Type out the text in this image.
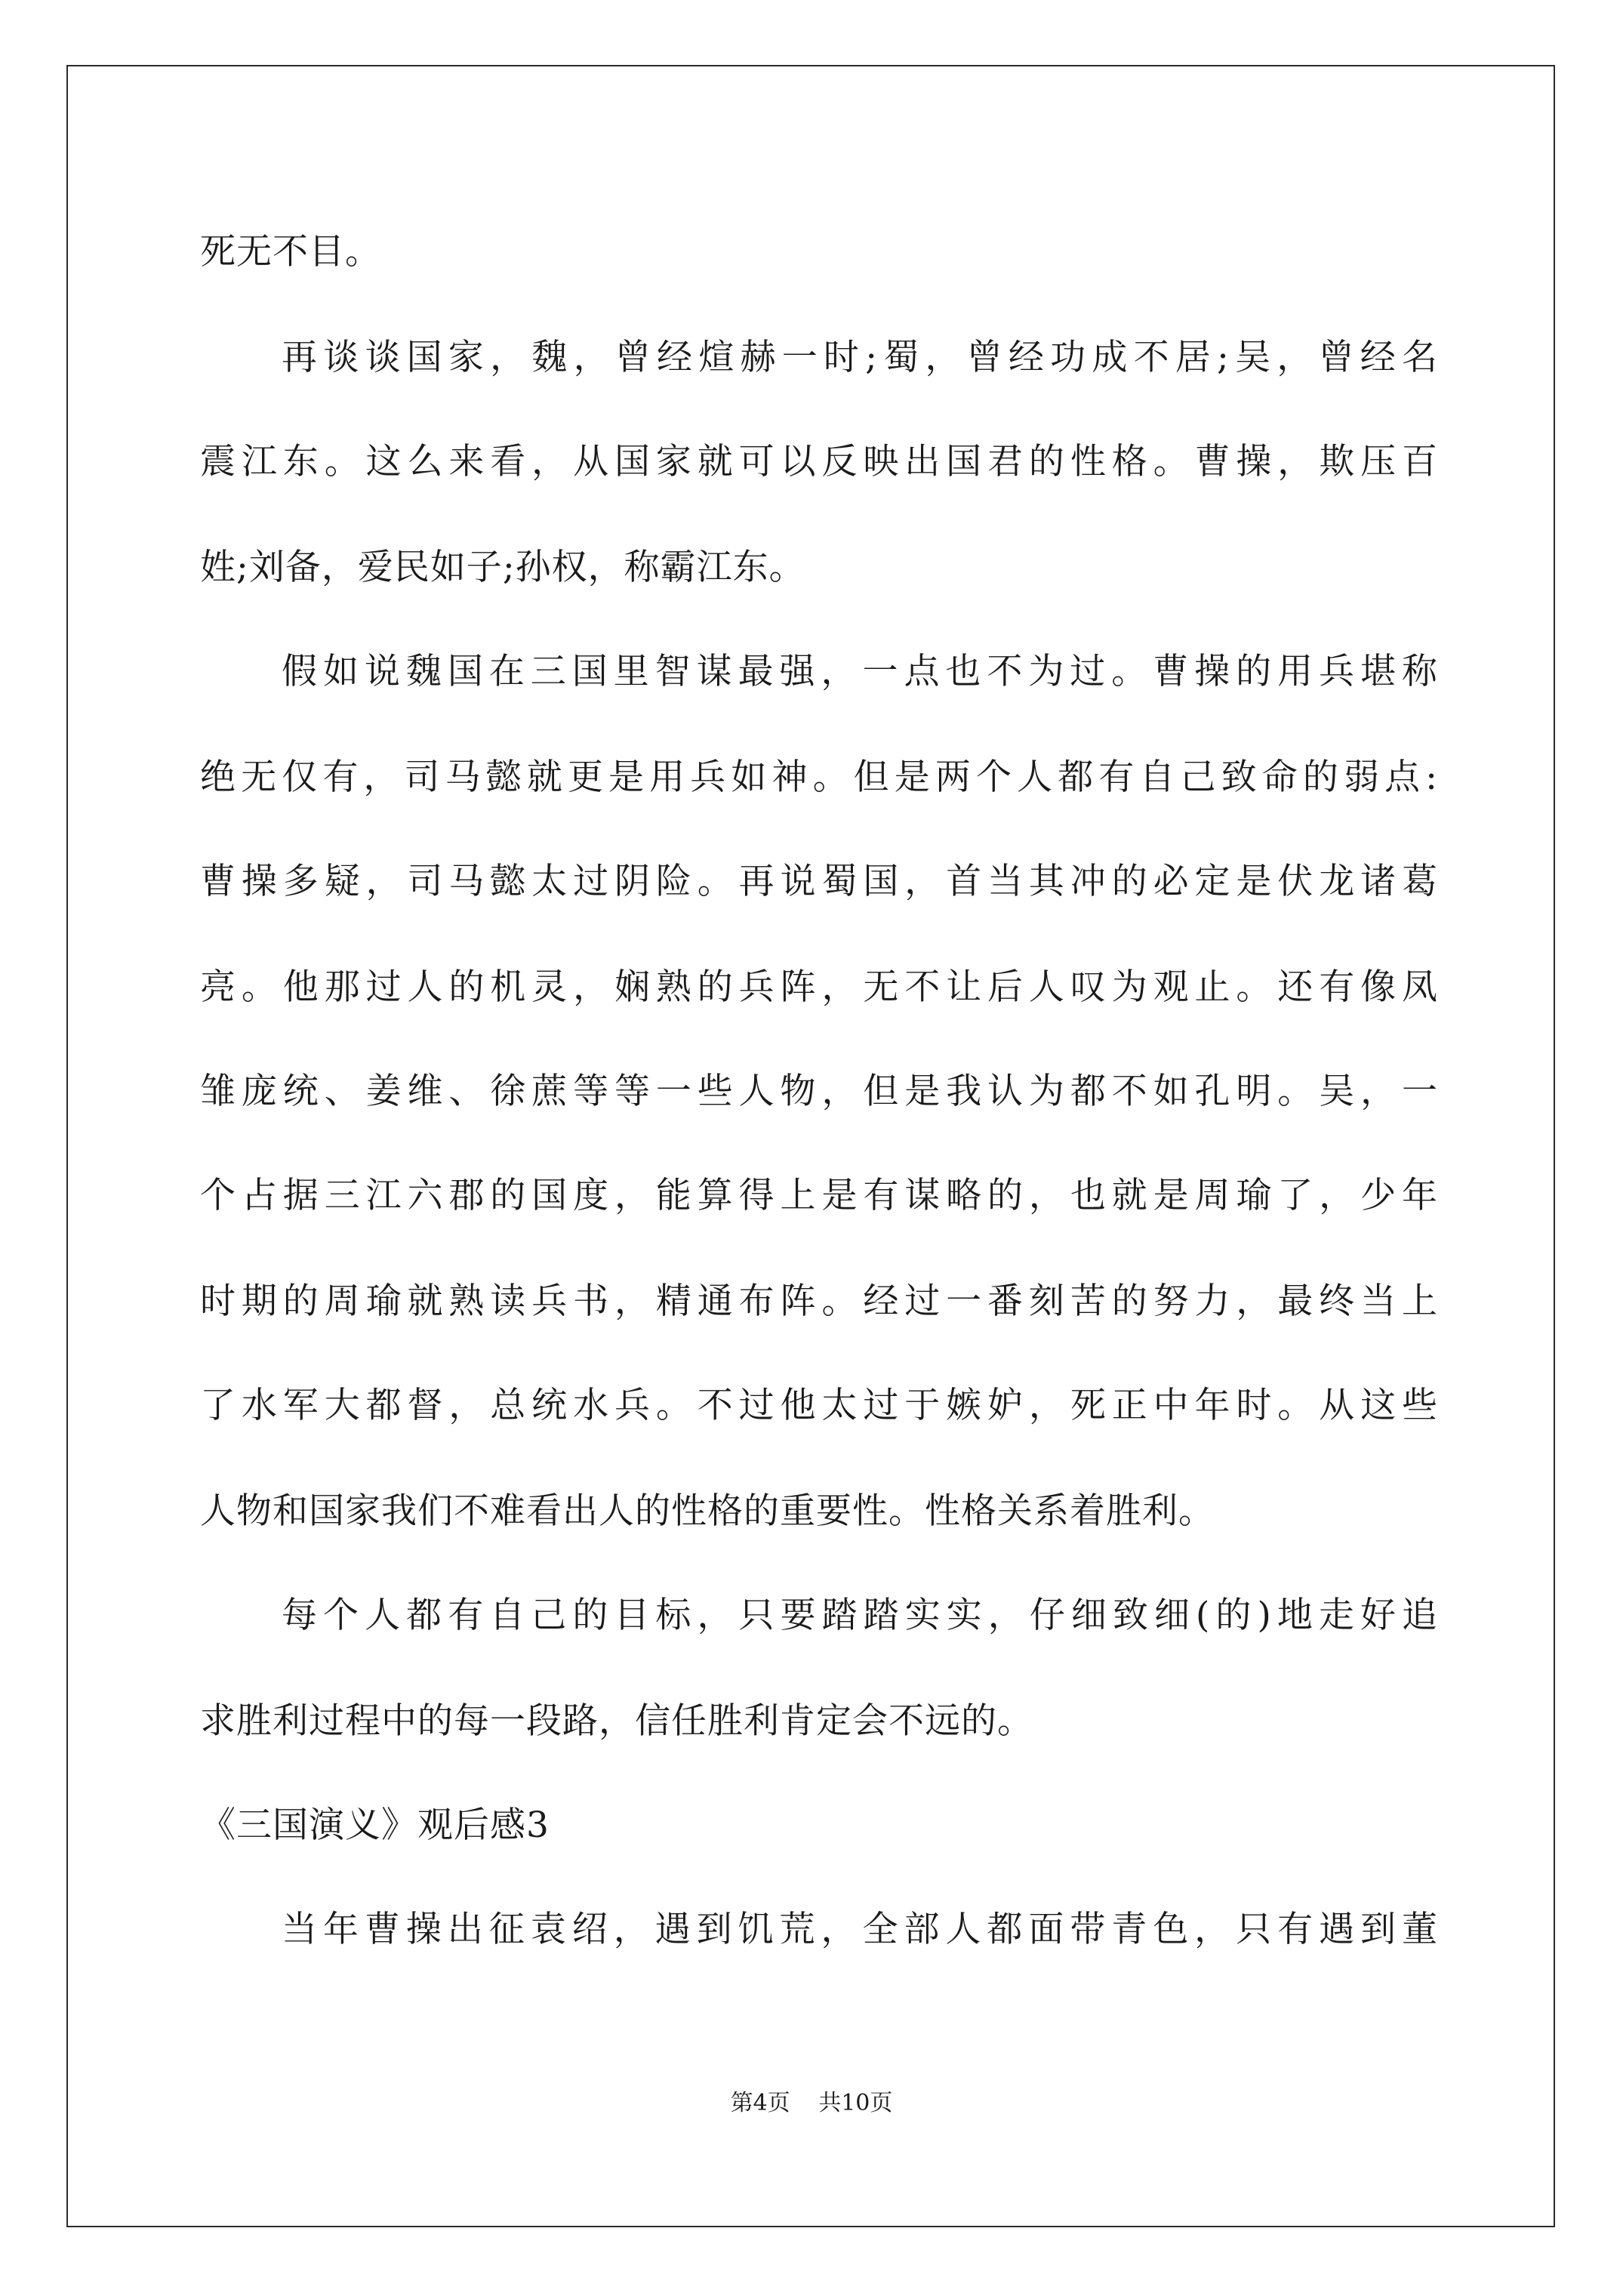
死无不目。
再谈谈国家，魏，曾经煊赫一时;蜀，曾经功成不居;吴，曾经名
震江东。这么来看，从国家就可以反映出国君的性格。曹操，欺压百
姓;刘备，爱民如子;孙权，称霸江东。
假如说魏国在三国里智谋最强，一点也不为过。曹操的用兵堪称
绝无仅有，司马懿就更是用兵如神。但是两个人都有自己致命的弱点:
曹操多疑，司马懿太过阴险。再说蜀国，首当其冲的必定是伏龙诸葛
亮。他那过人的机灵，娴熟的兵阵，无不让后人叹为观止。还有像凤
雏庞统、姜维、徐蔗等等一些人物，但是我认为都不如孔明。吴，一
个占据三江六郡的国度，能算得上是有谋略的，也就是周瑜了，少年
时期的周瑜就熟读兵书，精通布阵。经过一番刻苦的努力，最终当上
了水军大都督，总统水兵。不过他太过于嫉妒，死正中年时。从这些
人物和国家我们不难看出人的性格的重要性。性格关系着胜利。
每个人都有自己的目标，只要踏踏实实，仔细致细(的)地走好追
求胜利过程中的每一段路，信任胜利肯定会不远的。
《三国演义》观后感3
当年曹操出征袁绍，遇到饥荒，全部人都面带青色，只有遇到董
第4页 共10页
